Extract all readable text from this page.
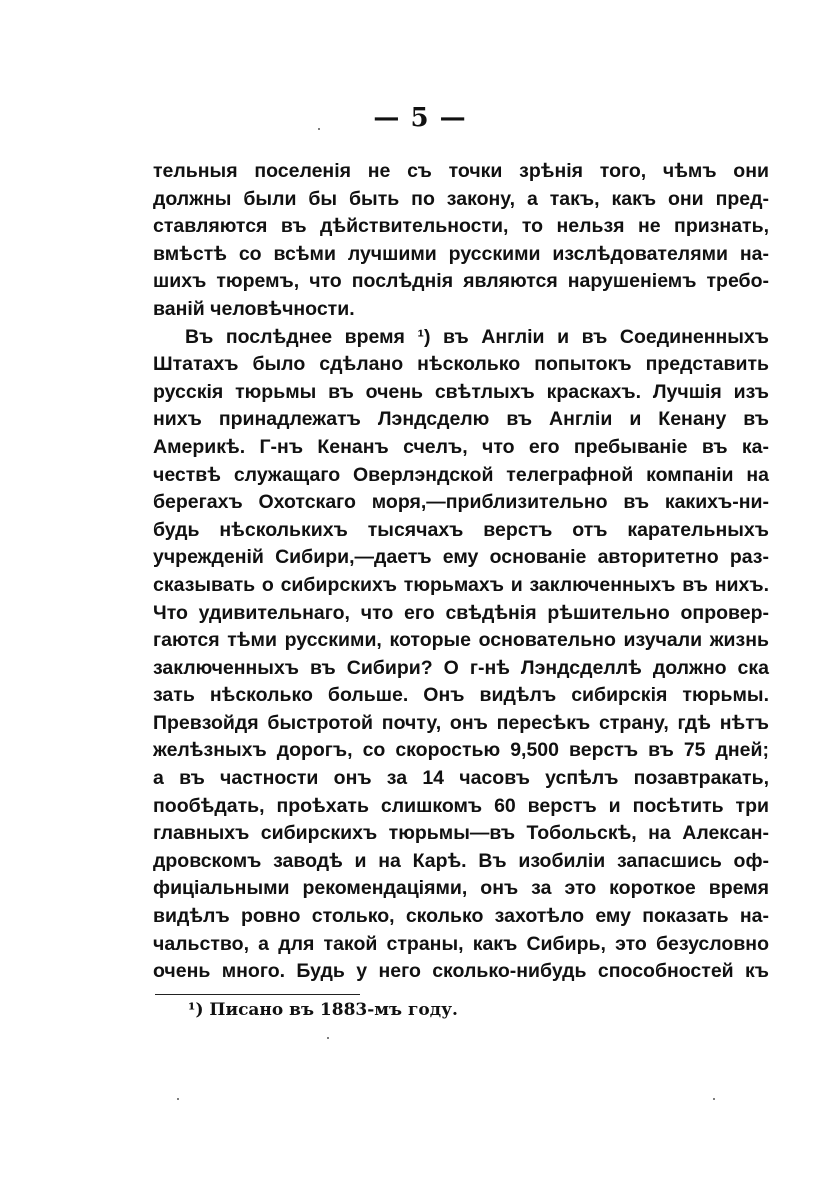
— 5 —
тельныя поселенія не съ точки зрѣнія того, чѣмъ они
должны были бы быть по закону, а такъ, какъ они пред-
ставляются въ дѣйствительности, то нельзя не признать,
вмѣстѣ со всѣми лучшими русскими изслѣдователями на-
шихъ тюремъ, что послѣднія являются нарушеніемъ требо-
ваній человѣчности.
Въ послѣднее время ¹) въ Англіи и въ Соединенныхъ
Штатахъ было сдѣлано нѣсколько попытокъ представить
русскія тюрьмы въ очень свѣтлыхъ краскахъ. Лучшія изъ
нихъ принадлежатъ Лэндсделю въ Англіи и Кенану въ
Америкѣ. Г-нъ Кенанъ счелъ, что его пребываніе въ ка-
чествѣ служащаго Оверлэндской телеграфной компаніи на
берегахъ Охотскаго моря,—приблизительно въ какихъ-ни-
будь нѣсколькихъ тысячахъ верстъ отъ карательныхъ
учрежденій Сибири,—даетъ ему основаніе авторитетно раз-
сказывать о сибирскихъ тюрьмахъ и заключенныхъ въ нихъ.
Что удивительнаго, что его свѣдѣнія рѣшительно опровер-
гаются тѣми русскими, которые основательно изучали жизнь
заключенныхъ въ Сибири? О г-нѣ Лэндсделлѣ должно ска
зать нѣсколько больше. Онъ видѣлъ сибирскія тюрьмы.
Превзойдя быстротой почту, онъ пересѣкъ страну, гдѣ нѣтъ
желѣзныхъ дорогъ, со скоростью 9,500 верстъ въ 75 дней;
а въ частности онъ за 14 часовъ успѣлъ позавтракать,
пообѣдать, проѣхать слишкомъ 60 верстъ и посѣтить три
главныхъ сибирскихъ тюрьмы—въ Тобольскѣ, на Алексан-
дровскомъ заводѣ и на Карѣ. Въ изобиліи запасшись оф-
фиціальными рекомендаціями, онъ за это короткое время
видѣлъ ровно столько, сколько захотѣло ему показать на-
чальство, а для такой страны, какъ Сибирь, это безусловно
очень много. Будь у него сколько-нибудь способностей къ
¹) Писано въ 1883-мъ году.
